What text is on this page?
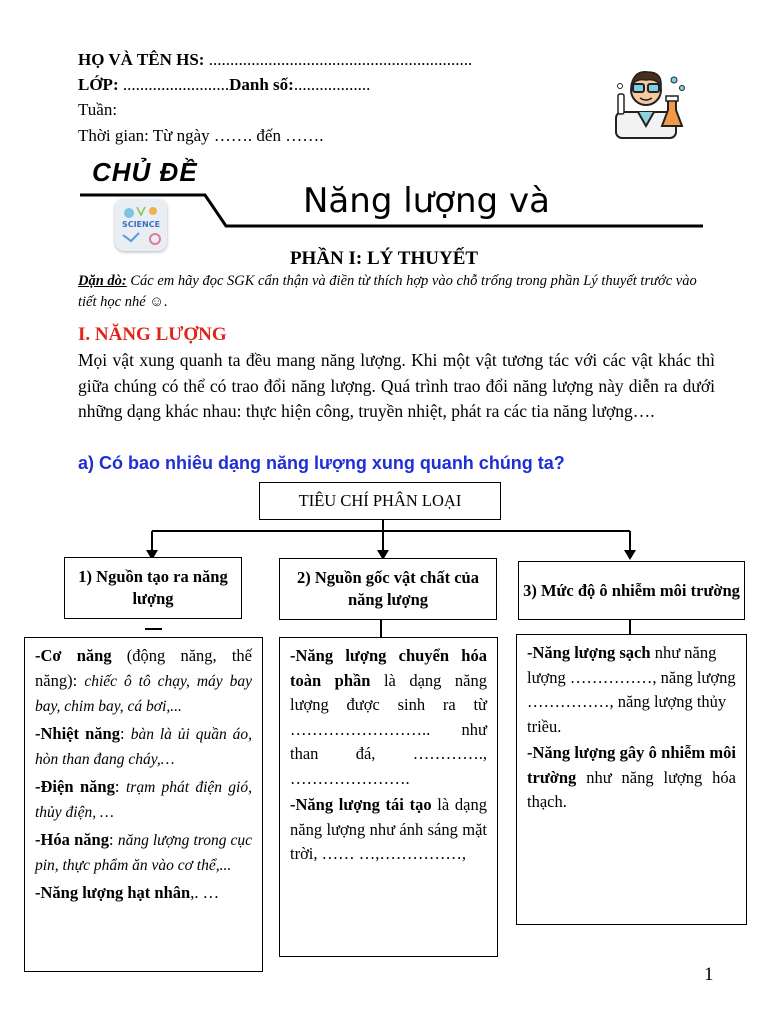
HỌ VÀ TÊN HS: ..............................................................
LỚP: .........................Danh số:..................
Tuần:
Thời gian: Từ ngày ……. đến …….
CHỦ ĐỀ
Năng lượng và
SCIENCE
PHẦN I: LÝ THUYẾT
Dặn dò: Các em hãy đọc SGK cẩn thận và điền từ thích hợp vào chỗ trống trong phần Lý thuyết trước vào tiết học nhé ☺.
I. NĂNG LƯỢNG
Mọi vật xung quanh ta đều mang năng lượng. Khi một vật tương tác với các vật khác thì giữa chúng có thể có trao đổi năng lượng. Quá trình trao đổi năng lượng này diễn ra dưới những dạng khác nhau: thực hiện công, truyền nhiệt, phát ra các tia năng lượng….
a) Có bao nhiêu dạng năng lượng xung quanh chúng ta?
TIÊU CHÍ PHÂN LOẠI
1) Nguồn tạo ra năng lượng
2) Nguồn gốc vật chất của năng lượng	3) Mức độ ô nhiễm môi trường

-Cơ năng (động năng, thế năng): chiếc ô tô chạy, máy bay bay, chim bay, cá bơi,...

-Nhiệt năng: bàn là ủi quần áo, hòn than đang cháy,…

-Điện năng: trạm phát điện gió, thủy điện, …

-Hóa năng: năng lượng trong cục pin, thực phẩm ăn vào cơ thể,...

-Năng lượng hạt nhân,. …

-Năng lượng chuyển hóa toàn phần là dạng năng lượng được sinh ra từ …………………….. như than đá, …………., ………………….

-Năng lượng tái tạo là dạng năng lượng như ánh sáng mặt trời, …… …,……………,

-Năng lượng sạch như năng lượng ……………, năng lượng ……………, năng lượng thủy triều.

-Năng lượng gây ô nhiễm môi trường như năng lượng hóa thạch.

1
